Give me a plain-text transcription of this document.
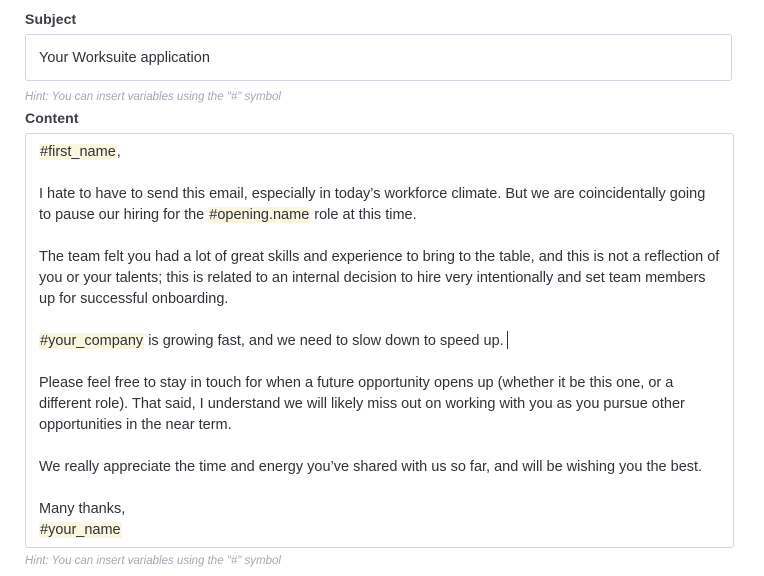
Subject
Your Worksuite application
Hint: You can insert variables using the "#" symbol
Content

#first_name,

I hate to have to send this email, especially in today’s workforce climate. But we are coincidentally going to pause our hiring for the #opening.name role at this time.

The team felt you had a lot of great skills and experience to bring to the table, and this is not a reflection of you or your talents; this is related to an internal decision to hire very intentionally and set team members up for successful onboarding.

#your_company is growing fast, and we need to slow down to speed up.

Please feel free to stay in touch for when a future opportunity opens up (whether it be this one, or a different role). That said, I understand we will likely miss out on working with you as you pursue other opportunities in the near term.

We really appreciate the time and energy you’ve shared with us so far, and will be wishing you the best.

Many thanks,
#your_name

Hint: You can insert variables using the "#" symbol
